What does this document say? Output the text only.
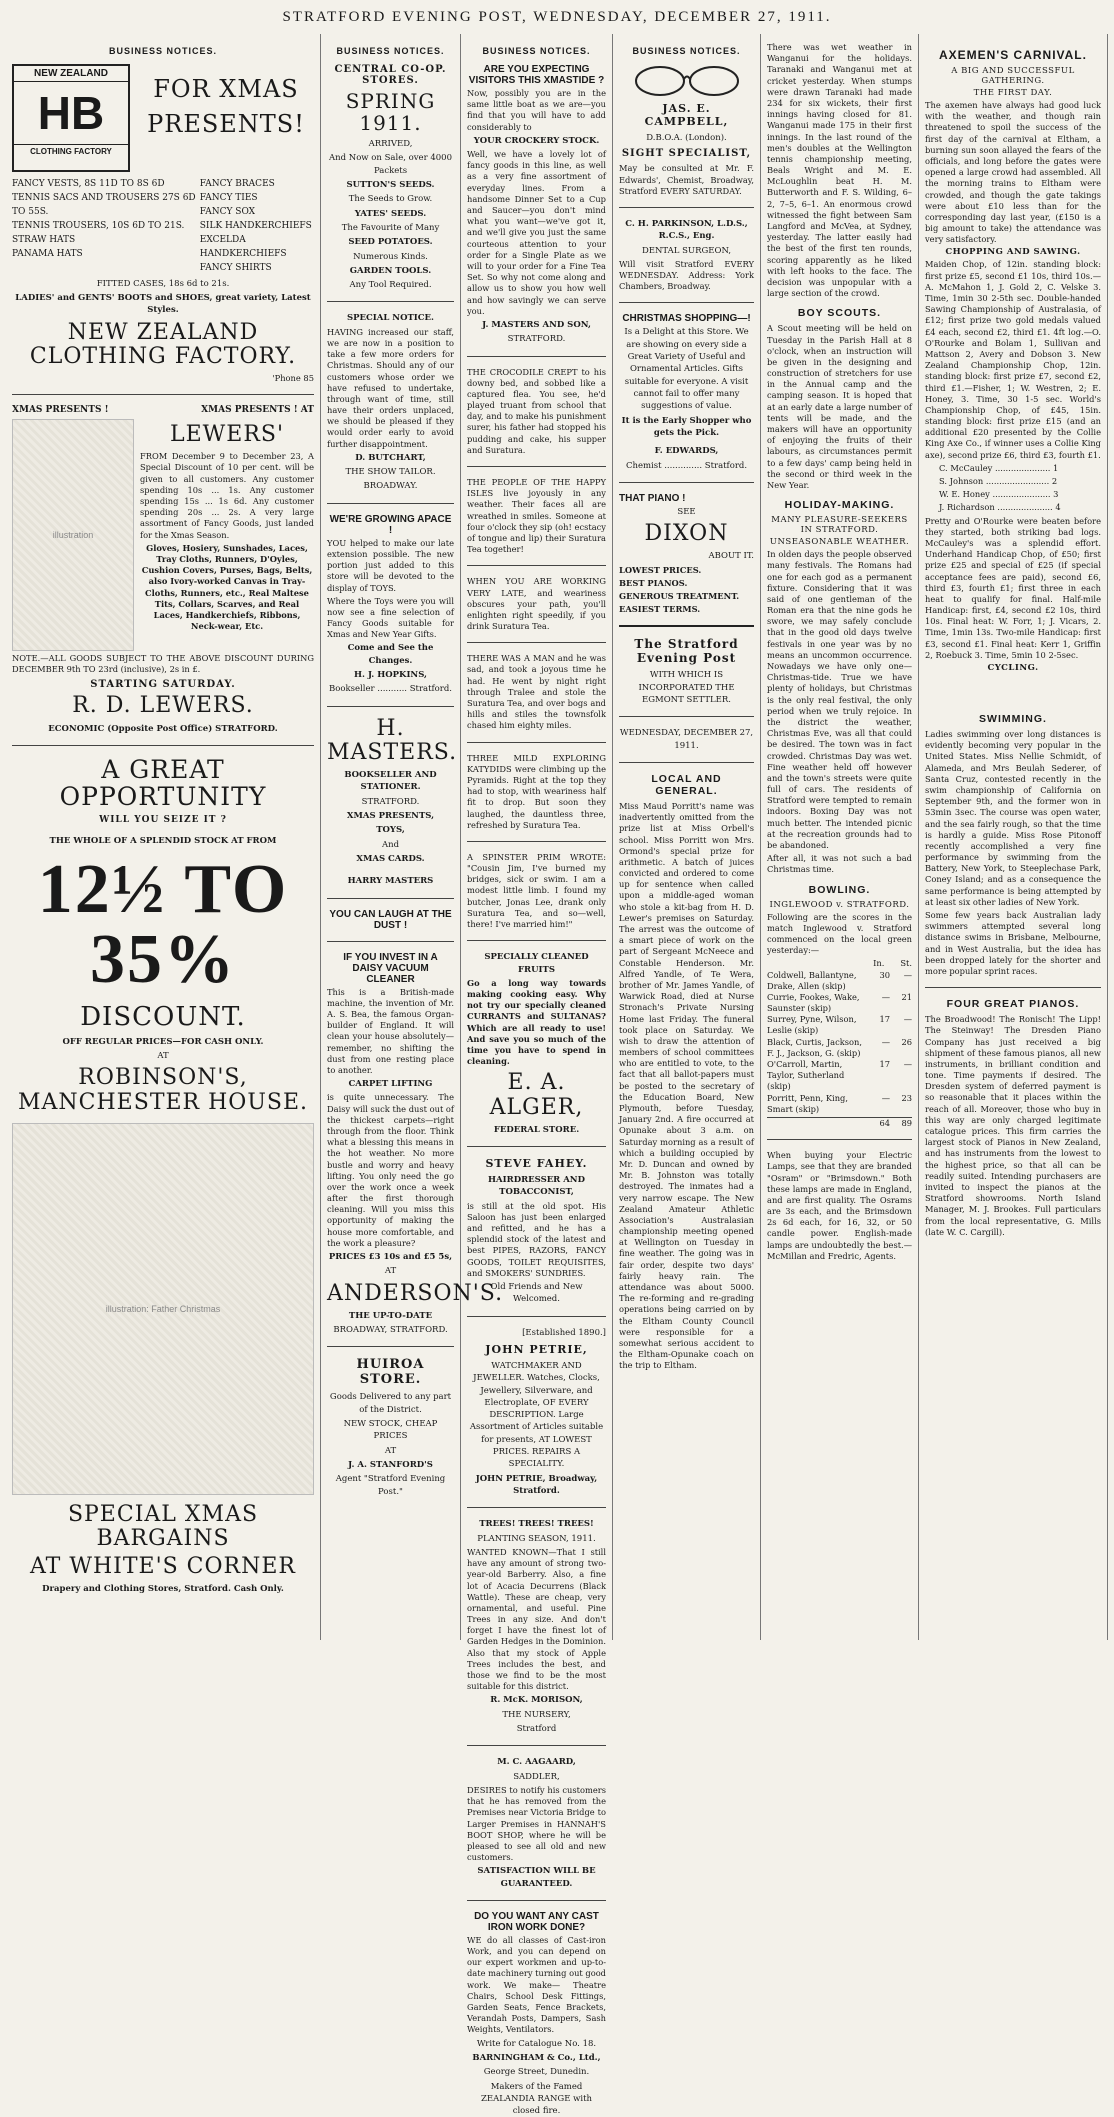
STRATFORD EVENING POST, WEDNESDAY, DECEMBER 27, 1911.
BUSINESS NOTICES.
NEW ZEALAND
HB
CLOTHING FACTORY
FOR XMAS PRESENTS!
FANCY VESTS, 8S 11D TO 8S 6D
TENNIS SACS AND TROUSERS 27S 6D TO 55S.
TENNIS TROUSERS, 10S 6D TO 21S.
STRAW HATS
PANAMA HATS
FANCY BRACES
FANCY TIES
FANCY SOX
SILK HANDKERCHIEFS
EXCELDA HANDKERCHIEFS
FANCY SHIRTS
FITTED CASES, 18s 6d to 21s.
LADIES' and GENTS' BOOTS and SHOES, great variety, Latest Styles.
NEW ZEALAND CLOTHING FACTORY.
'Phone 85
XMAS PRESENTS !	XMAS PRESENTS ! AT
illustration
LEWERS'
FROM December 9 to December 23, A Special Discount of 10 per cent. will be given to all customers. Any customer spending 10s ... 1s. Any customer spending 15s ... 1s 6d. Any customer spending 20s ... 2s. A very large assortment of Fancy Goods, just landed for the Xmas Season.
Gloves, Hosiery, Sunshades, Laces, Tray Cloths, Runners, D'Oyles, Cushion Covers, Purses, Bags, Belts, also Ivory-worked Canvas in Tray-Cloths, Runners, etc., Real Maltese Tits, Collars, Scarves, and Real Laces, Handkerchiefs, Ribbons, Neck-wear, Etc.
NOTE.—ALL GOODS SUBJECT TO THE ABOVE DISCOUNT DURING DECEMBER 9th TO 23rd (inclusive), 2s in £.
STARTING SATURDAY.
R. D. LEWERS.
ECONOMIC (Opposite Post Office) STRATFORD.
A GREAT OPPORTUNITY
WILL YOU SEIZE IT ?
THE WHOLE OF A SPLENDID STOCK AT FROM
12½ TO 35%
DISCOUNT.
OFF REGULAR PRICES—FOR CASH ONLY.
AT
ROBINSON'S, MANCHESTER HOUSE.
illustration: Father Christmas
SPECIAL XMAS BARGAINS
AT WHITE'S CORNER
Drapery and Clothing Stores, Stratford. Cash Only.
BUSINESS NOTICES.
CENTRAL CO-OP. STORES.
SPRING 1911.
ARRIVED,
And Now on Sale, over 4000 Packets
SUTTON'S SEEDS.
The Seeds to Grow.
YATES' SEEDS.
The Favourite of Many
SEED POTATOES.
Numerous Kinds.
GARDEN TOOLS.
Any Tool Required.
SPECIAL NOTICE.
HAVING increased our staff, we are now in a position to take a few more orders for Christmas. Should any of our customers whose order we have refused to undertake, through want of time, still have their orders unplaced, we should be pleased if they would order early to avoid further disappointment.
D. BUTCHART,
THE SHOW TAILOR.
BROADWAY.
WE'RE GROWING APACE !
YOU helped to make our late extension possible. The new portion just added to this store will be devoted to the display of TOYS.
Where the Toys were you will now see a fine selection of Fancy Goods suitable for Xmas and New Year Gifts.
Come and See the Changes.
H. J. HOPKINS,
Bookseller ........... Stratford.
H. MASTERS.
BOOKSELLER AND STATIONER.
STRATFORD.
XMAS PRESENTS,
TOYS,
And
XMAS CARDS.
HARRY MASTERS
YOU CAN LAUGH AT THE DUST !
IF YOU INVEST IN A DAISY VACUUM CLEANER
This is a British-made machine, the invention of Mr. A. S. Bea, the famous Organ-builder of England. It will clean your house absolutely—remember, no shifting the dust from one resting place to another.
CARPET LIFTING
is quite unnecessary. The Daisy will suck the dust out of the thickest carpets—right through from the floor. Think what a blessing this means in the hot weather. No more bustle and worry and heavy lifting. You only need the go over the work once a week after the first thorough cleaning. Will you miss this opportunity of making the house more comfortable, and the work a pleasure?
PRICES £3 10s and £5 5s,
AT
ANDERSON'S.
THE UP-TO-DATE
BROADWAY, STRATFORD.
HUIROA STORE.
Goods Delivered to any part of the District.
NEW STOCK, CHEAP PRICES
AT
J. A. STANFORD'S
Agent "Stratford Evening Post."
BUSINESS NOTICES.
ARE YOU EXPECTING VISITORS THIS XMASTIDE ?
Now, possibly you are in the same little boat as we are—you find that you will have to add considerably to
YOUR CROCKERY STOCK.
Well, we have a lovely lot of fancy goods in this line, as well as a very fine assortment of everyday lines. From a handsome Dinner Set to a Cup and Saucer—you don't mind what you want—we've got it, and we'll give you just the same courteous attention to your order for a Single Plate as we will to your order for a Fine Tea Set. So why not come along and allow us to show you how well and how savingly we can serve you.
J. MASTERS AND SON,
STRATFORD.
THE CROCODILE CREPT to his downy bed, and sobbed like a captured flea. You see, he'd played truant from school that day, and to make his punishment surer, his father had stopped his pudding and cake, his supper and Suratura.
THE PEOPLE OF THE HAPPY ISLES live joyously in any weather. Their faces all are wreathed in smiles. Someone at four o'clock they sip (oh! ecstacy of tongue and lip) their Suratura Tea together!
WHEN YOU ARE WORKING VERY LATE, and weariness obscures your path, you'll enlighten right speedily, if you drink Suratura Tea.
THERE WAS A MAN and he was sad, and took a joyous time he had. He went by night right through Tralee and stole the Suratura Tea, and over bogs and hills and stiles the townsfolk chased him eighty miles.
THREE MILD EXPLORING KATYDIDS were climbing up the Pyramids. Right at the top they had to stop, with weariness half fit to drop. But soon they laughed, the dauntless three, refreshed by Suratura Tea.
A SPINSTER PRIM WROTE: "Cousin Jim, I've burned my bridges, sick or swim. I am a modest little limb. I found my butcher, Jonas Lee, drank only Suratura Tea, and so—well, there! I've married him!"
SPECIALLY CLEANED FRUITS
Go a long way towards making cooking easy. Why not try our specially cleaned CURRANTS and SULTANAS? Which are all ready to use! And save you so much of the time you have to spend in cleaning.
E. A. ALGER,
FEDERAL STORE.
STEVE FAHEY.
HAIRDRESSER AND TOBACCONIST,
is still at the old spot. His Saloon has just been enlarged and refitted, and he has a splendid stock of the latest and best PIPES, RAZORS, FANCY GOODS, TOILET REQUISITES, and SMOKERS' SUNDRIES.
Old Friends and New Welcomed.
[Established 1890.]
JOHN PETRIE,
WATCHMAKER AND JEWELLER. Watches, Clocks, Jewellery, Silverware, and Electroplate, OF EVERY DESCRIPTION. Large Assortment of Articles suitable for presents, AT LOWEST PRICES. REPAIRS A SPECIALITY.
JOHN PETRIE, Broadway, Stratford.
TREES! TREES! TREES!
PLANTING SEASON, 1911.
WANTED KNOWN—That I still have any amount of strong two-year-old Barberry. Also, a fine lot of Acacia Decurrens (Black Wattle). These are cheap, very ornamental, and useful. Pine Trees in any size. And don't forget I have the finest lot of Garden Hedges in the Dominion. Also that my stock of Apple Trees includes the best, and those we find to be the most suitable for this district.
R. McK. MORISON,
THE NURSERY,
Stratford
M. C. AAGAARD,
SADDLER,
DESIRES to notify his customers that he has removed from the Premises near Victoria Bridge to Larger Premises in HANNAH'S BOOT SHOP, where he will be pleased to see all old and new customers.
SATISFACTION WILL BE GUARANTEED.
DO YOU WANT ANY CAST IRON WORK DONE?
WE do all classes of Cast-iron Work, and you can depend on our expert workmen and up-to-date machinery turning out good work. We make— Theatre Chairs, School Desk Fittings, Garden Seats, Fence Brackets, Verandah Posts, Dampers, Sash Weights, Ventilators.
Write for Catalogue No. 18.
BARNINGHAM & Co., Ltd.,
George Street, Dunedin.
Makers of the Famed ZEALANDIA RANGE with closed fire.
BUSINESS NOTICES.
JAS. E. CAMPBELL,
D.B.O.A. (London).
SIGHT SPECIALIST,
May be consulted at Mr. F. Edwards', Chemist, Broadway, Stratford EVERY SATURDAY.
C. H. PARKINSON, L.D.S., R.C.S., Eng.
DENTAL SURGEON,
Will visit Stratford EVERY WEDNESDAY. Address: York Chambers, Broadway.
CHRISTMAS SHOPPING—!
Is a Delight at this Store. We are showing on every side a Great Variety of Useful and Ornamental Articles. Gifts suitable for everyone. A visit cannot fail to offer many suggestions of value.
It is the Early Shopper who gets the Pick.
F. EDWARDS,
Chemist .............. Stratford.
THAT PIANO !
SEE
DIXON
ABOUT IT.
LOWEST PRICES.
BEST PIANOS.
GENEROUS TREATMENT.
EASIEST TERMS.
The Stratford Evening Post
WITH WHICH IS INCORPORATED THE EGMONT SETTLER.
WEDNESDAY, DECEMBER 27, 1911.
LOCAL AND GENERAL.
Miss Maud Porritt's name was inadvertently omitted from the prize list at Miss Orbell's school. Miss Porritt won Mrs. Ormond's special prize for arithmetic. A batch of juices convicted and ordered to come up for sentence when called upon a middle-aged woman who stole a kit-bag from H. D. Lewer's premises on Saturday. The arrest was the outcome of a smart piece of work on the part of Sergeant McNeece and Constable Henderson. Mr. Alfred Yandle, of Te Wera, brother of Mr. James Yandle, of Warwick Road, died at Nurse Stronach's Private Nursing Home last Friday. The funeral took place on Saturday. We wish to draw the attention of members of school committees who are entitled to vote, to the fact that all ballot-papers must be posted to the secretary of the Education Board, New Plymouth, before Tuesday, January 2nd. A fire occurred at Opunake about 3 a.m. on Saturday morning as a result of which a building occupied by Mr. D. Duncan and owned by Mr. B. Johnston was totally destroyed. The inmates had a very narrow escape. The New Zealand Amateur Athletic Association's Australasian championship meeting opened at Wellington on Tuesday in fine weather. The going was in fair order, despite two days' fairly heavy rain. The attendance was about 5000. The re-forming and re-grading operations being carried on by the Eltham County Council were responsible for a somewhat serious accident to the Eltham-Opunake coach on the trip to Eltham.
There was wet weather in Wanganui for the holidays. Taranaki and Wanganui met at cricket yesterday. When stumps were drawn Taranaki had made 234 for six wickets, their first innings having closed for 81. Wanganui made 175 in their first innings. In the last round of the men's doubles at the Wellington tennis championship meeting, Beals Wright and M. E. McLoughlin beat H. M. Butterworth and F. S. Wilding, 6–2, 7–5, 6–1. An enormous crowd witnessed the fight between Sam Langford and McVea, at Sydney, yesterday. The latter easily had the best of the first ten rounds, scoring apparently as he liked with left hooks to the face. The decision was unpopular with a large section of the crowd.
BOY SCOUTS.
A Scout meeting will be held on Tuesday in the Parish Hall at 8 o'clock, when an instruction will be given in the designing and construction of stretchers for use in the Annual camp and the camping season. It is hoped that at an early date a large number of tents will be made, and the makers will have an opportunity of enjoying the fruits of their labours, as circumstances permit to a few days' camp being held in the second or third week in the New Year.
HOLIDAY-MAKING.
MANY PLEASURE-SEEKERS IN STRATFORD.
UNSEASONABLE WEATHER.
In olden days the people observed many festivals. The Romans had one for each god as a permanent fixture. Considering that it was said of one gentleman of the Roman era that the nine gods he swore, we may safely conclude that in the good old days twelve festivals in one year was by no means an uncommon occurrence. Nowadays we have only one—Christmas-tide. True we have plenty of holidays, but Christmas is the only real festival, the only period when we truly rejoice. In the district the weather, Christmas Eve, was all that could be desired. The town was in fact crowded. Christmas Day was wet. Fine weather held off however and the town's streets were quite full of cars. The residents of Stratford were tempted to remain indoors. Boxing Day was not much better. The intended picnic at the recreation grounds had to be abandoned.
After all, it was not such a bad Christmas time.
BOWLING.
INGLEWOOD v. STRATFORD.
Following are the scores in the match Inglewood v. Stratford commenced on the local green yesterday:—
In. St.
Coldwell, Ballantyne, Drake, Allen (skip)
30	—
Currie, Fookes, Wake, Saunster (skip)
—	21
Surrey, Pyne, Wilson, Leslie (skip)
17	—
Black, Curtis, Jackson, F. J., Jackson, G. (skip)
—	26
O'Carroll, Martin, Taylor, Sutherland (skip)
17	—
Porritt, Penn, King, Smart (skip)
—	23
64	89
When buying your Electric Lamps, see that they are branded "Osram" or "Brimsdown." Both these lamps are made in England, and are first quality. The Osrams are 3s each, and the Brimsdown 2s 6d each, for 16, 32, or 50 candle power. English-made lamps are undoubtedly the best.—McMillan and Fredric, Agents.
AXEMEN'S CARNIVAL.
A BIG AND SUCCESSFUL GATHERING.
THE FIRST DAY.
The axemen have always had good luck with the weather, and though rain threatened to spoil the success of the first day of the carnival at Eltham, a burning sun soon allayed the fears of the officials, and long before the gates were opened a large crowd had assembled. All the morning trains to Eltham were crowded, and though the gate takings were about £10 less than for the corresponding day last year, (£150 is a big amount to take) the attendance was very satisfactory.
CHOPPING AND SAWING.
Maiden Chop, of 12in. standing block: first prize £5, second £1 10s, third 10s.—A. McMahon 1, J. Gold 2, C. Velske 3. Time, 1min 30 2-5th sec. Double-handed Sawing Championship of Australasia, of £12; first prize two gold medals valued £4 each, second £2, third £1. 4ft log.—O. O'Rourke and Bolam 1, Sullivan and Mattson 2, Avery and Dobson 3. New Zealand Championship Chop, 12in. standing block: first prize £7, second £2, third £1.—Fisher, 1; W. Westren, 2; E. Honey, 3. Time, 30 1-5 sec. World's Championship Chop, of £45, 15in. standing block: first prize £15 (and an additional £20 presented by the Collie King Axe Co., if winner uses a Collie King axe), second prize £6, third £3, fourth £1.
C. McCauley ..................... 1
S. Johnson ........................ 2
W. E. Honey ...................... 3
J. Richardson ..................... 4
Pretty and O'Rourke were beaten before they started, both striking bad logs. McCauley's was a splendid effort. Underhand Handicap Chop, of £50; first prize £25 and special of £25 (if special acceptance fees are paid), second £6, third £3, fourth £1; first three in each heat to qualify for final. Half-mile Handicap: first, £4, second £2 10s, third 10s. Final heat: W. Forr, 1; J. Vicars, 2. Time, 1min 13s. Two-mile Handicap: first £3, second £1. Final heat: Kerr 1, Griffin 2, Roebuck 3. Time, 5min 10 2-5sec.
CYCLING.
SWIMMING.
Ladies swimming over long distances is evidently becoming very popular in the United States. Miss Nellie Schmidt, of Alameda, and Mrs Beulah Sederer, of Santa Cruz, contested recently in the swim championship of California on September 9th, and the former won in 53min 3sec. The course was open water, and the sea fairly rough, so that the time is hardly a guide. Miss Rose Pitonoff recently accomplished a very fine performance by swimming from the Battery, New York, to Steeplechase Park, Coney Island; and as a consequence the same performance is being attempted by at least six other ladies of New York.
Some few years back Australian lady swimmers attempted several long distance swims in Brisbane, Melbourne, and in West Australia, but the idea has been dropped lately for the shorter and more popular sprint races.
FOUR GREAT PIANOS.
The Broadwood! The Ronisch! The Lipp! The Steinway! The Dresden Piano Company has just received a big shipment of these famous pianos, all new instruments, in brilliant condition and tone. Time payments if desired. The Dresden system of deferred payment is so reasonable that it places within the reach of all. Moreover, those who buy in this way are only charged legitimate catalogue prices. This firm carries the largest stock of Pianos in New Zealand, and has instruments from the lowest to the highest price, so that all can be readily suited. Intending purchasers are invited to inspect the pianos at the Stratford showrooms. North Island Manager, M. J. Brookes. Full particulars from the local representative, G. Mills (late W. C. Cargill).
